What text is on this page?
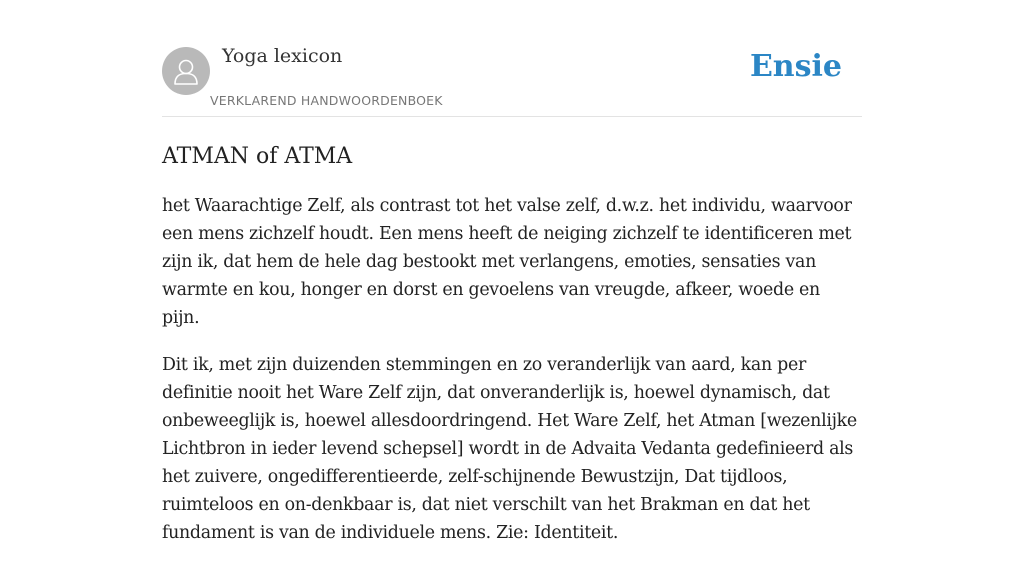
Yoga lexicon
VERKLAREND HANDWOORDENBOEK
Ensie
ATMAN of ATMA

het Waarachtige Zelf, als contrast tot het valse zelf, d.w.z. het individu, waarvoor
een mens zichzelf houdt. Een mens heeft de neiging zichzelf te identificeren met
zijn ik, dat hem de hele dag bestookt met verlangens, emoties, sensaties van
warmte en kou, honger en dorst en gevoelens van vreugde, afkeer, woede en pijn.

Dit ik, met zijn duizenden stemmingen en zo veranderlijk van aard, kan per
definitie nooit het Ware Zelf zijn, dat onveranderlijk is, hoewel dynamisch, dat
onbeweeglijk is, hoewel allesdoordringend. Het Ware Zelf, het Atman [wezenlijke
Lichtbron in ieder levend schepsel] wordt in de Advaita Vedanta gedefinieerd als
het zuivere, ongedifferentieerde, zelf-schijnende Bewustzijn, Dat tijdloos,
ruimteloos en on-denkbaar is, dat niet verschilt van het Brakman en dat het
fundament is van de individuele mens. Zie: Identiteit.
